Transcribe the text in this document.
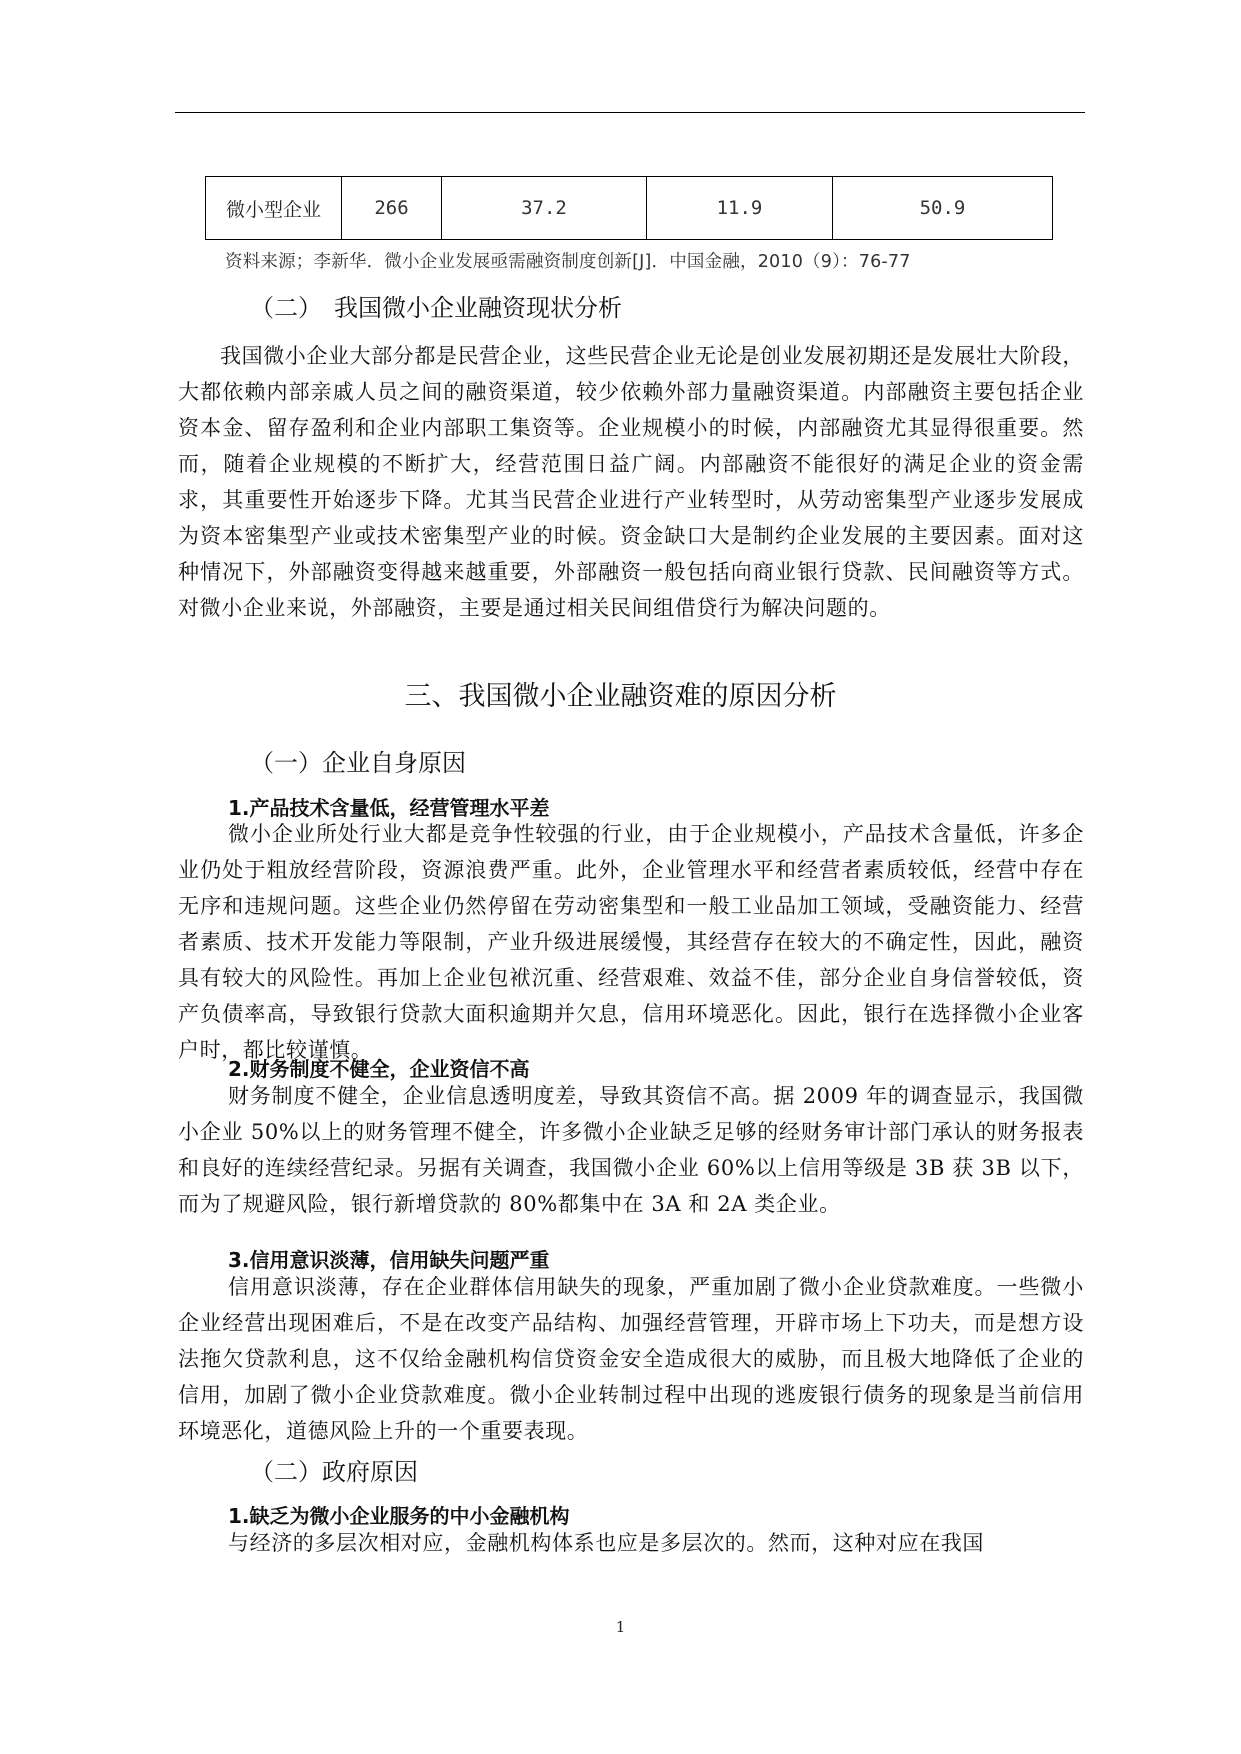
微小型企业	266	37.2	11.9	50.9
资料来源；李新华．微小企业发展亟需融资制度创新[J]．中国金融，2010（9）：76-77
（二）　我国微小企业融资现状分析

我国微小企业大部分都是民营企业，这些民营企业无论是创业发展初期还是发展壮大阶段，大都依赖内部亲戚人员之间的融资渠道，较少依赖外部力量融资渠道。内部融资主要包括企业资本金、留存盈利和企业内部职工集资等。企业规模小的时候，内部融资尤其显得很重要。然而，随着企业规模的不断扩大，经营范围日益广阔。内部融资不能很好的满足企业的资金需求，其重要性开始逐步下降。尤其当民营企业进行产业转型时，从劳动密集型产业逐步发展成为资本密集型产业或技术密集型产业的时候。资金缺口大是制约企业发展的主要因素。面对这种情况下，外部融资变得越来越重要，外部融资一般包括向商业银行贷款、民间融资等方式。对微小企业来说，外部融资，主要是通过相关民间组借贷行为解决问题的。

三、我国微小企业融资难的原因分析
（一）企业自身原因
1.产品技术含量低，经营管理水平差

微小企业所处行业大都是竞争性较强的行业，由于企业规模小，产品技术含量低，许多企业仍处于粗放经营阶段，资源浪费严重。此外，企业管理水平和经营者素质较低，经营中存在无序和违规问题。这些企业仍然停留在劳动密集型和一般工业品加工领域，受融资能力、经营者素质、技术开发能力等限制，产业升级进展缓慢，其经营存在较大的不确定性，因此，融资具有较大的风险性。再加上企业包袱沉重、经营艰难、效益不佳，部分企业自身信誉较低，资产负债率高，导致银行贷款大面积逾期并欠息，信用环境恶化。因此，银行在选择微小企业客户时，都比较谨慎。

2.财务制度不健全，企业资信不高

财务制度不健全，企业信息透明度差，导致其资信不高。据 2009 年的调查显示，我国微小企业 50%以上的财务管理不健全，许多微小企业缺乏足够的经财务审计部门承认的财务报表和良好的连续经营纪录。另据有关调查，我国微小企业 60%以上信用等级是 3B 获 3B 以下，而为了规避风险，银行新增贷款的 80%都集中在 3A 和 2A 类企业。

3.信用意识淡薄，信用缺失问题严重

信用意识淡薄，存在企业群体信用缺失的现象，严重加剧了微小企业贷款难度。一些微小企业经营出现困难后，不是在改变产品结构、加强经营管理，开辟市场上下功夫，而是想方设法拖欠贷款利息，这不仅给金融机构信贷资金安全造成很大的威胁，而且极大地降低了企业的信用，加剧了微小企业贷款难度。微小企业转制过程中出现的逃废银行债务的现象是当前信用环境恶化，道德风险上升的一个重要表现。

（二）政府原因
1.缺乏为微小企业服务的中小金融机构

与经济的多层次相对应，金融机构体系也应是多层次的。然而，这种对应在我国

1
